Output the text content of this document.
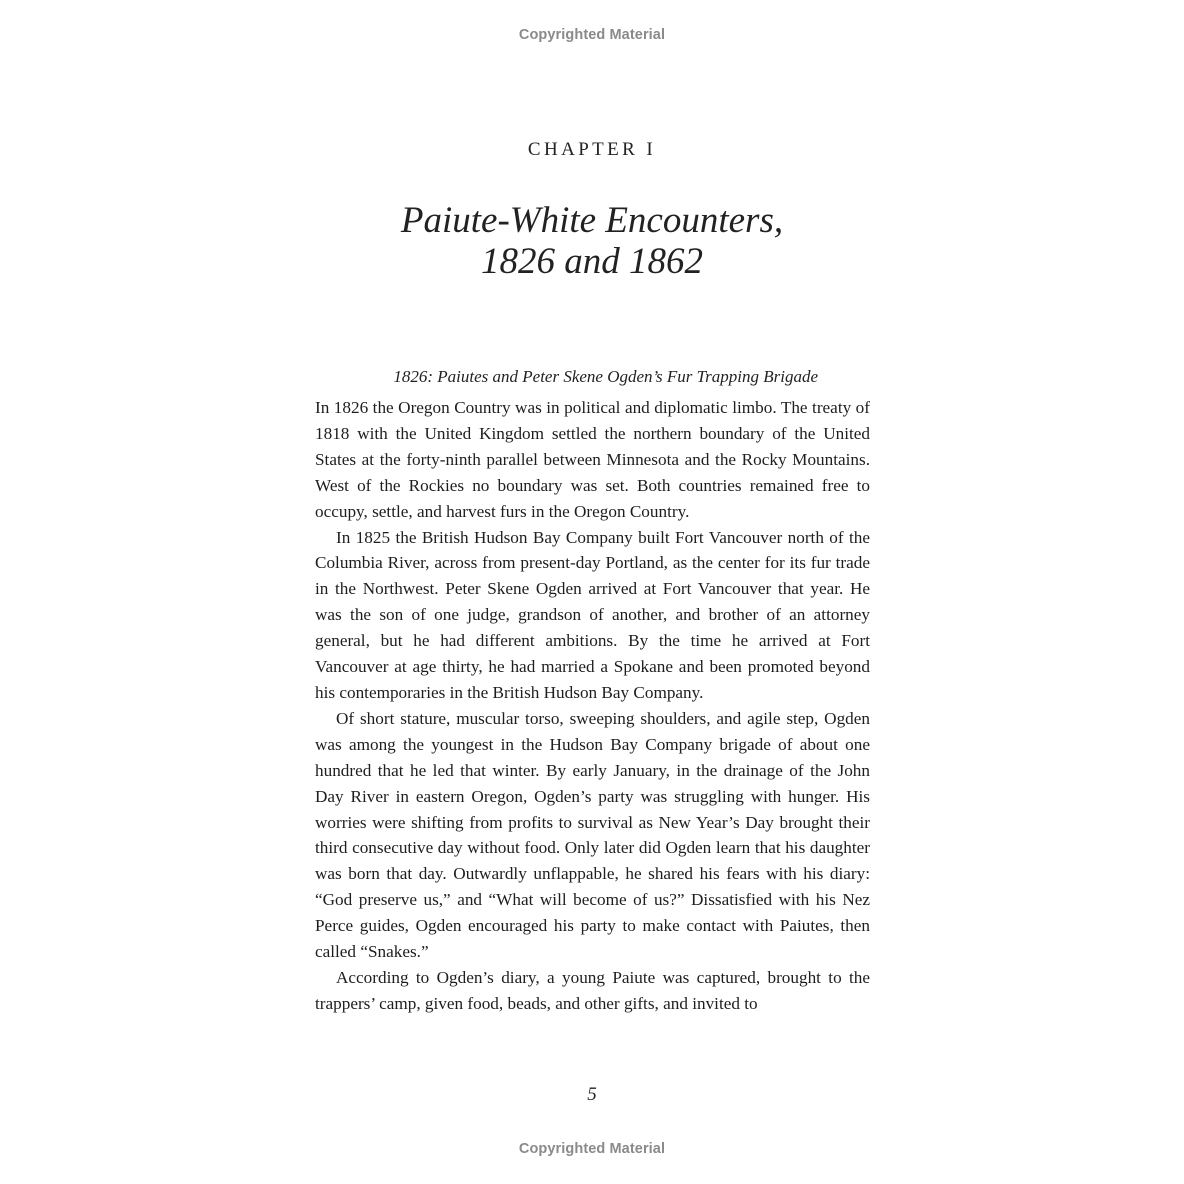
Copyrighted Material
CHAPTER I
Paiute-White Encounters,
1826 and 1862
1826: Paiutes and Peter Skene Ogden’s Fur Trapping Brigade

In 1826 the Oregon Country was in political and diplomatic limbo. The treaty of 1818 with the United Kingdom settled the northern boundary of the United States at the forty-ninth parallel between Minnesota and the Rocky Mountains. West of the Rockies no boundary was set. Both countries remained free to occupy, settle, and harvest furs in the Oregon Country.

In 1825 the British Hudson Bay Company built Fort Vancouver north of the Columbia River, across from present-day Portland, as the center for its fur trade in the Northwest. Peter Skene Ogden arrived at Fort Vancouver that year. He was the son of one judge, grandson of another, and brother of an attorney general, but he had different ambitions. By the time he arrived at Fort Vancouver at age thirty, he had married a Spokane and been promoted beyond his contemporaries in the British Hudson Bay Company.

Of short stature, muscular torso, sweeping shoulders, and agile step, Ogden was among the youngest in the Hudson Bay Company brigade of about one hundred that he led that winter. By early January, in the drainage of the John Day River in eastern Oregon, Ogden’s party was struggling with hunger. His worries were shifting from profits to survival as New Year’s Day brought their third consecutive day without food. Only later did Ogden learn that his daughter was born that day. Outwardly unflappable, he shared his fears with his diary: “God preserve us,” and “What will become of us?” Dissatisfied with his Nez Perce guides, Ogden encouraged his party to make contact with Paiutes, then called “Snakes.”

According to Ogden’s diary, a young Paiute was captured, brought to the trappers’ camp, given food, beads, and other gifts, and invited to

5
Copyrighted Material
